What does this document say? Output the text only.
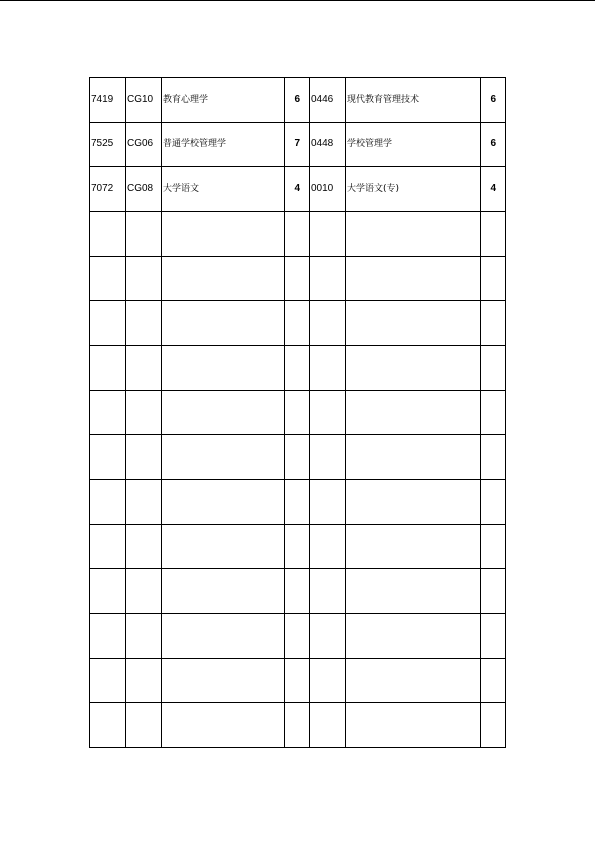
7419	CG10	教育心理学	6	0446	现代教育管理技术	6
7525	CG06	普通学校管理学	7	0448	学校管理学	6
7072	CG08	大学语文	4	0010	大学语文(专)	4
